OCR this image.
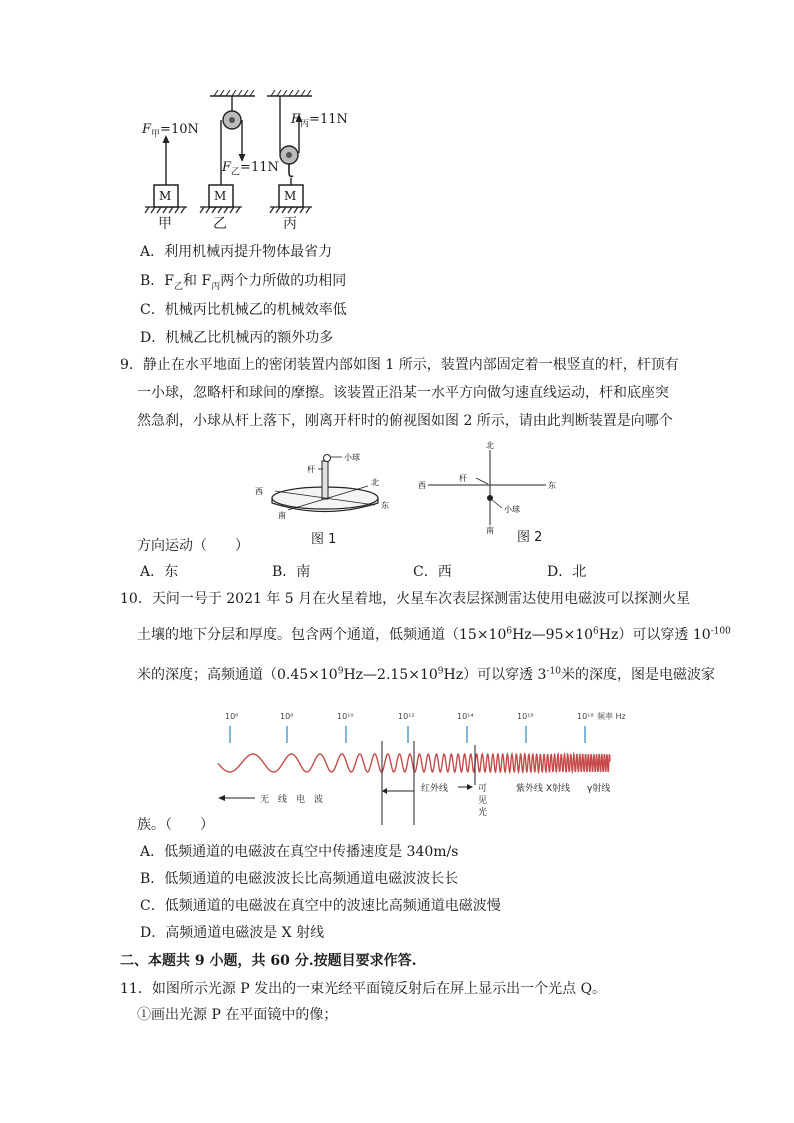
$F_甲=10N$
$F_乙=11N$
$F_丙=11N$
M	M	M
甲	乙	丙
A．利用机械丙提升物体最省力
B．$F_乙$和 $F_丙$两个力所做的功相同
C．机械丙比机械乙的机械效率低
D．机械乙比机械丙的额外功多
9．静止在水平地面上的密闭装置内部如图 1 所示，装置内部固定着一根竖直的杆，杆顶有
一小球，忽略杆和球间的摩擦。该装置正沿某一水平方向做匀速直线运动，杆和底座突
然急刹，小球从杆上落下，刚离开杆时的俯视图如图 2 所示，请由此判断装置是向哪个
小球
杆
北
西
东
南
北
杆
西	东
小球
南
方向运动（　　）	图 1	图 2
A．东	B．南	C．西	D．北
10．天问一号于 2021 年 5 月在火星着地，火星车次表层探测雷达使用电磁波可以探测火星
土壤的地下分层和厚度。包含两个通道，低频通道$(15\times 10^6Hz—95\times 10^6Hz)$可以穿透 $10^{-100}$
米的深度；高频通道$(0.45\times 10^9Hz—2.15\times 10^9Hz)$可以穿透 $3^{-10}$米的深度，图是电磁波家
10⁶	10⁸	10¹⁰	10¹²	10¹⁴	10¹⁶	10¹⁸ 频率 Hz
无　线　电　波
红外线	可
见
光
紫外线 X射线 γ射线
族。（　　）
A．低频通道的电磁波在真空中传播速度是 340m/s
B．低频通道的电磁波波长比高频通道电磁波波长长
C．低频通道的电磁波在真空中的波速比高频通道电磁波慢
D．高频通道电磁波是 X 射线
二、本题共 9 小题，共 60 分.按题目要求作答.
11．如图所示光源 P 发出的一束光经平面镜反射后在屏上显示出一个光点 Q。
①画出光源 P 在平面镜中的像；
